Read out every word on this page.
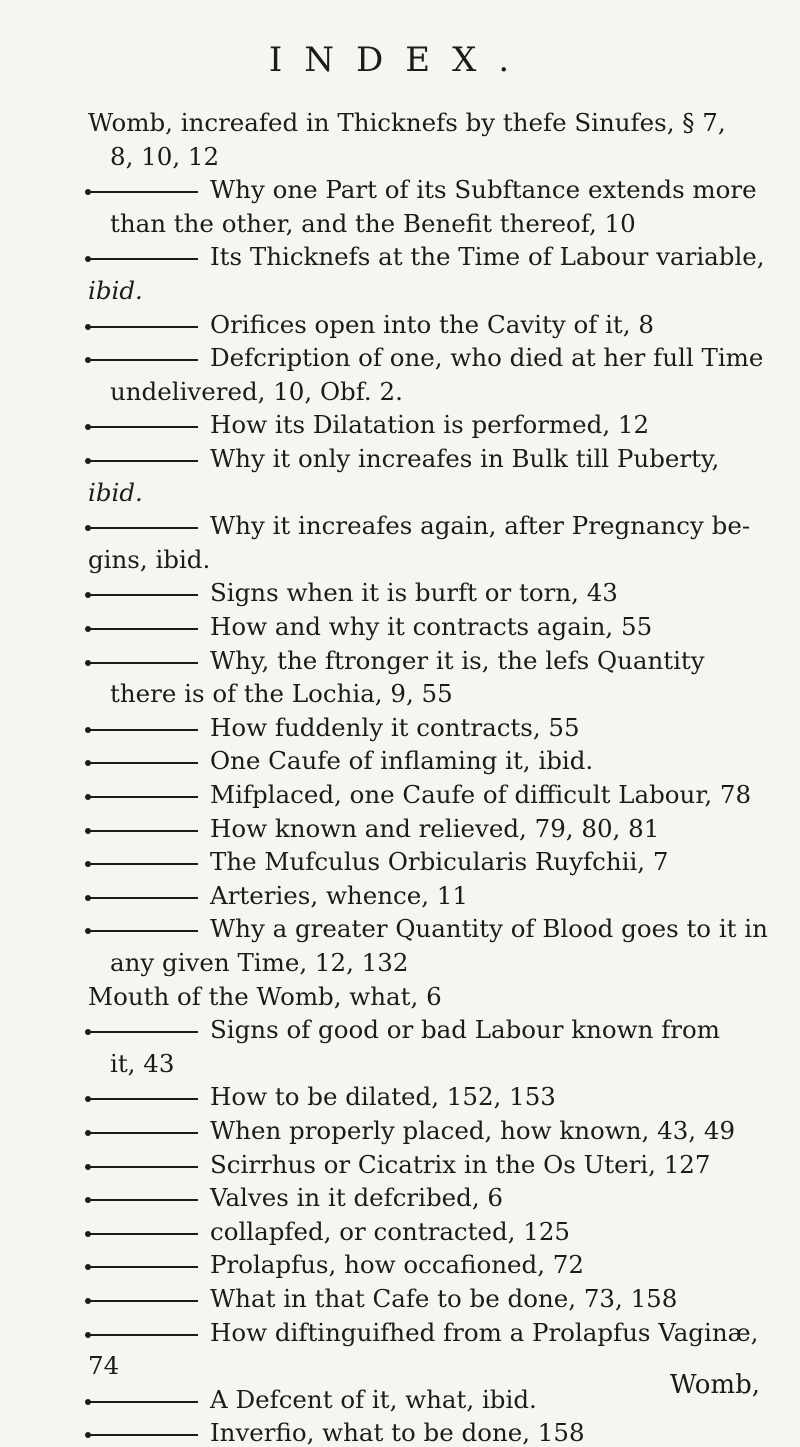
INDEX.
Womb, increafed in Thicknefs by thefe Sinufes, § 7,
8, 10, 12
Why one Part of its Subftance extends more
than the other, and the Benefit thereof, 10
Its Thicknefs at the Time of Labour variable,
ibid.
Orifices open into the Cavity of it, 8
Defcription of one, who died at her full Time
undelivered, 10, Obf. 2.
How its Dilatation is performed, 12
Why it only increafes in Bulk till Puberty,
ibid.
Why it increafes again, after Pregnancy be-
gins, ibid.
Signs when it is burft or torn, 43
How and why it contracts again, 55
Why, the ftronger it is, the lefs Quantity
there is of the Lochia, 9, 55
How fuddenly it contracts, 55
One Caufe of inflaming it, ibid.
Mifplaced, one Caufe of difficult Labour, 78
How known and relieved, 79, 80, 81
The Mufculus Orbicularis Ruyfchii, 7
Arteries, whence, 11
Why a greater Quantity of Blood goes to it in
any given Time, 12, 132
Mouth of the Womb, what, 6
Signs of good or bad Labour known from
it, 43
How to be dilated, 152, 153
When properly placed, how known, 43, 49
Scirrhus or Cicatrix in the Os Uteri, 127
Valves in it defcribed, 6
collapfed, or contracted, 125
Prolapfus, how occafioned, 72
What in that Cafe to be done, 73, 158
How diftinguifhed from a Prolapfus Vaginæ,
74
A Defcent of it, what, ibid.
Inverfio, what to be done, 158
Womb,
